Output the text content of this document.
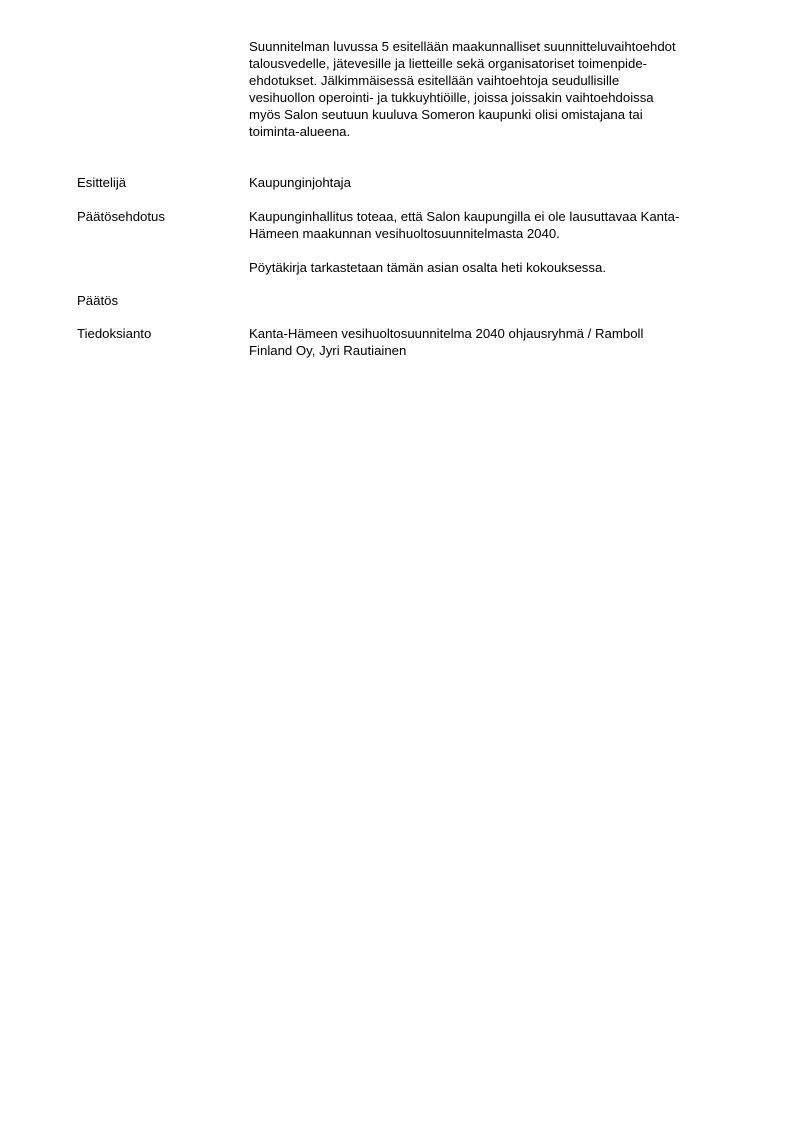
Suunnitelman luvussa 5 esitellään maakunnalliset suunnitteluvaihtoehdot

talousvedelle, jätevesille ja lietteille sekä organisatoriset toimenpide-

ehdotukset. Jälkimmäisessä esitellään vaihtoehtoja seudullisille

vesihuollon operointi- ja tukkuyhtiöille, joissa joissakin vaihtoehdoissa

myös Salon seutuun kuuluva Someron kaupunki olisi omistajana tai

toiminta-alueena.

Esittelijä	Kaupunginjohtaja

Päätösehdotus	Kaupunginhallitus toteaa, että Salon kaupungilla ei ole lausuttavaa Kanta-
Hämeen maakunnan vesihuoltosuunnitelmasta 2040.

Pöytäkirja tarkastetaan tämän asian osalta heti kokouksessa.

Päätös
Tiedoksianto	Kanta-Hämeen vesihuoltosuunnitelma 2040 ohjausryhmä / Ramboll
Finland Oy, Jyri Rautiainen
